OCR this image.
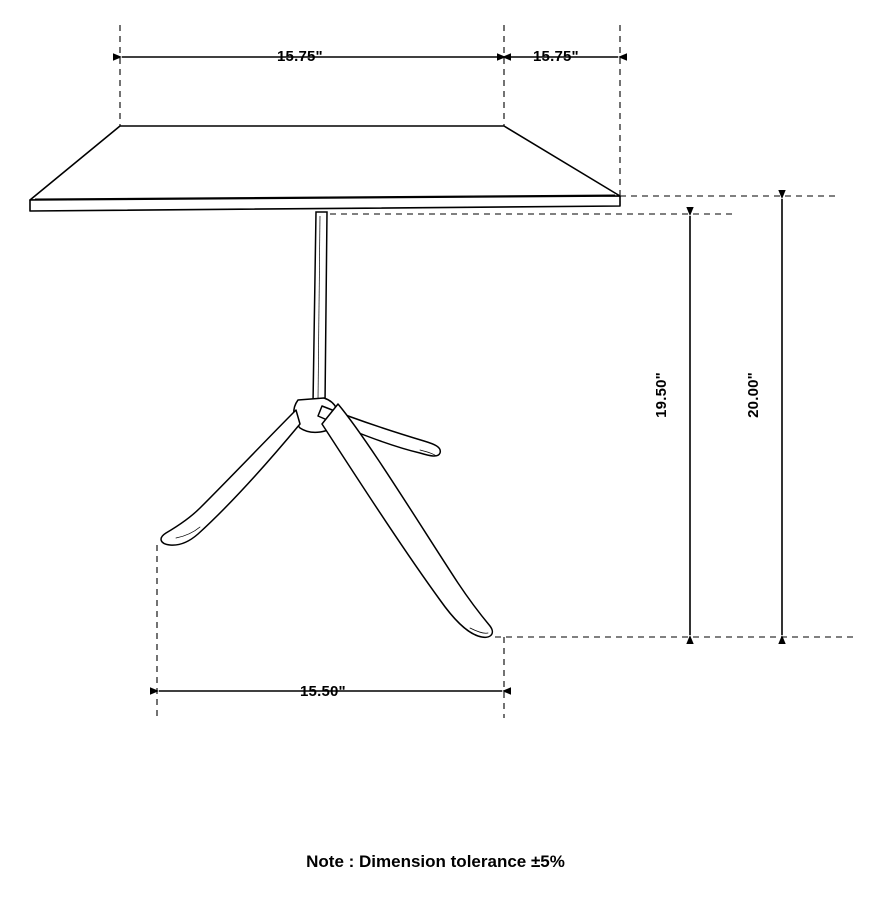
15.75"	15.75"
19.50"	20.00"
15.50"
Note : Dimension tolerance ±5%
